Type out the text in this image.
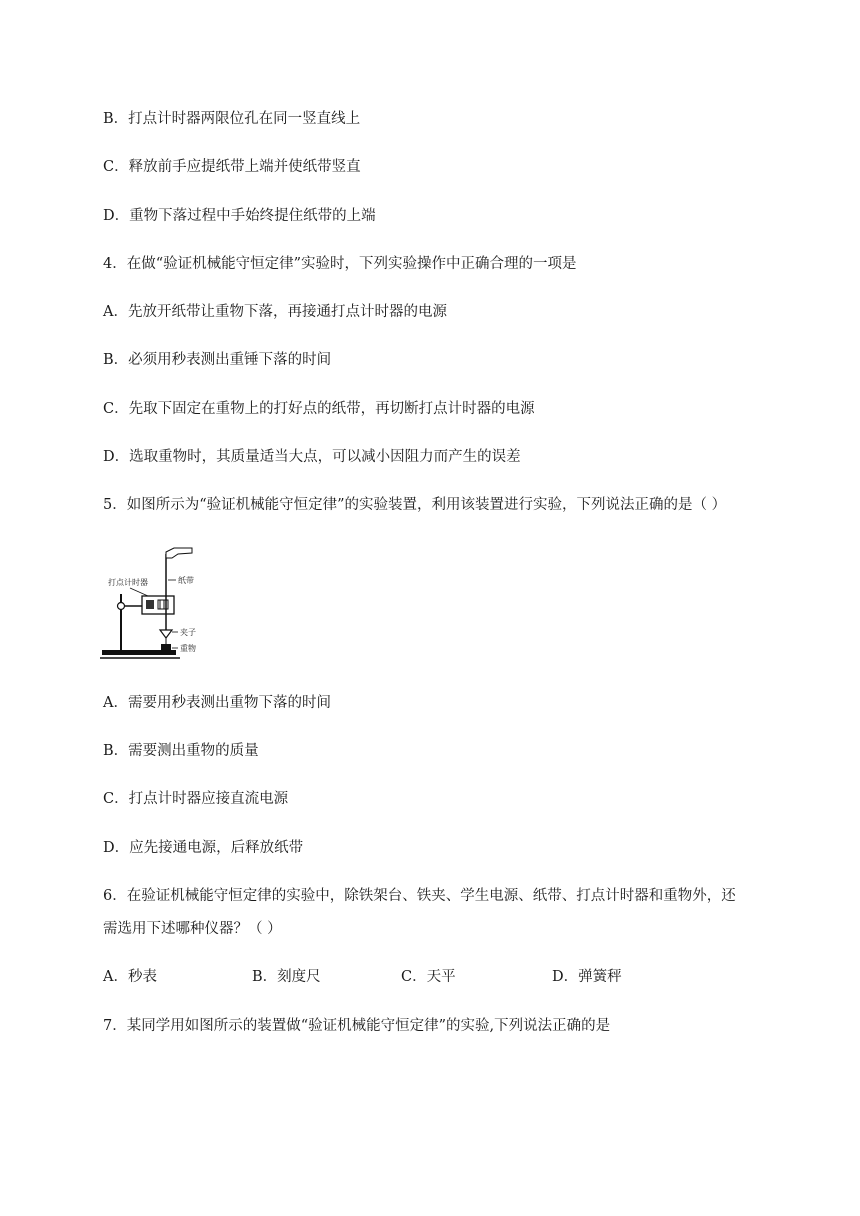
B．打点计时器两限位孔在同一竖直线上
C．释放前手应提纸带上端并使纸带竖直
D．重物下落过程中手始终提住纸带的上端
4．在做“验证机械能守恒定律”实验时，下列实验操作中正确合理的一项是
A．先放开纸带让重物下落，再接通打点计时器的电源
B．必须用秒表测出重锤下落的时间
C．先取下固定在重物上的打好点的纸带，再切断打点计时器的电源
D．选取重物时，其质量适当大点，可以减小因阻力而产生的误差
5．如图所示为“验证机械能守恒定律”的实验装置，利用该装置进行实验，下列说法正确的是（ ）
打点计时器	纸带
夹子
重物
A．需要用秒表测出重物下落的时间
B．需要测出重物的质量
C．打点计时器应接直流电源
D．应先接通电源，后释放纸带
6．在验证机械能守恒定律的实验中，除铁架台、铁夹、学生电源、纸带、打点计时器和重物外，还
需选用下述哪种仪器？（ ）
A．秒表	B．刻度尺	C．天平	D．弹簧秤
7．某同学用如图所示的装置做“验证机械能守恒定律”的实验,下列说法正确的是
